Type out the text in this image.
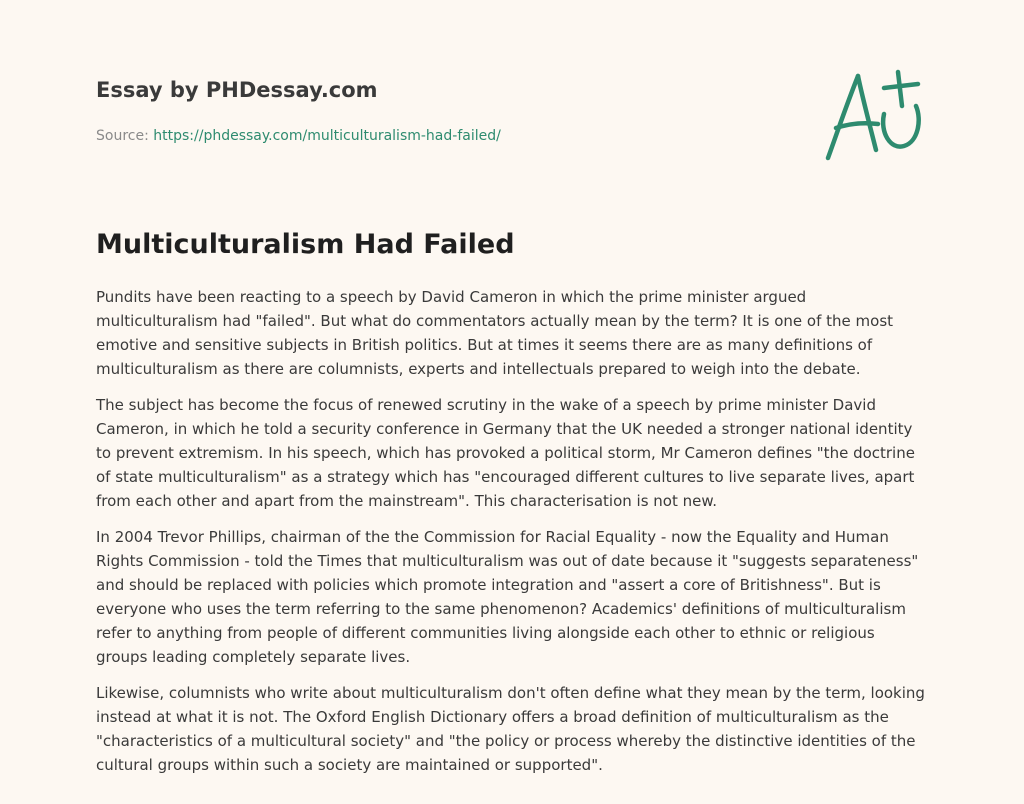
Essay by PHDessay.com
Source: https://phdessay.com/multiculturalism-had-failed/
Multiculturalism Had Failed

Pundits have been reacting to a speech by David Cameron in which the prime minister argued multiculturalism had "failed". But what do commentators actually mean by the term? It is one of the most emotive and sensitive subjects in British politics. But at times it seems there are as many definitions of multiculturalism as there are columnists, experts and intellectuals prepared to weigh into the debate.

The subject has become the focus of renewed scrutiny in the wake of a speech by prime minister David Cameron, in which he told a security conference in Germany that the UK needed a stronger national identity to prevent extremism. In his speech, which has provoked a political storm, Mr Cameron defines "the doctrine of state multiculturalism" as a strategy which has "encouraged different cultures to live separate lives, apart from each other and apart from the mainstream". This characterisation is not new.

In 2004 Trevor Phillips, chairman of the the Commission for Racial Equality - now the Equality and Human Rights Commission - told the Times that multiculturalism was out of date because it "suggests separateness" and should be replaced with policies which promote integration and "assert a core of Britishness". But is everyone who uses the term referring to the same phenomenon? Academics' definitions of multiculturalism refer to anything from people of different communities living alongside each other to ethnic or religious groups leading completely separate lives.

Likewise, columnists who write about multiculturalism don't often define what they mean by the term, looking instead at what it is not. The Oxford English Dictionary offers a broad definition of multiculturalism as the "characteristics of a multicultural society" and "the policy or process whereby the distinctive identities of the cultural groups within such a society are maintained or supported".
